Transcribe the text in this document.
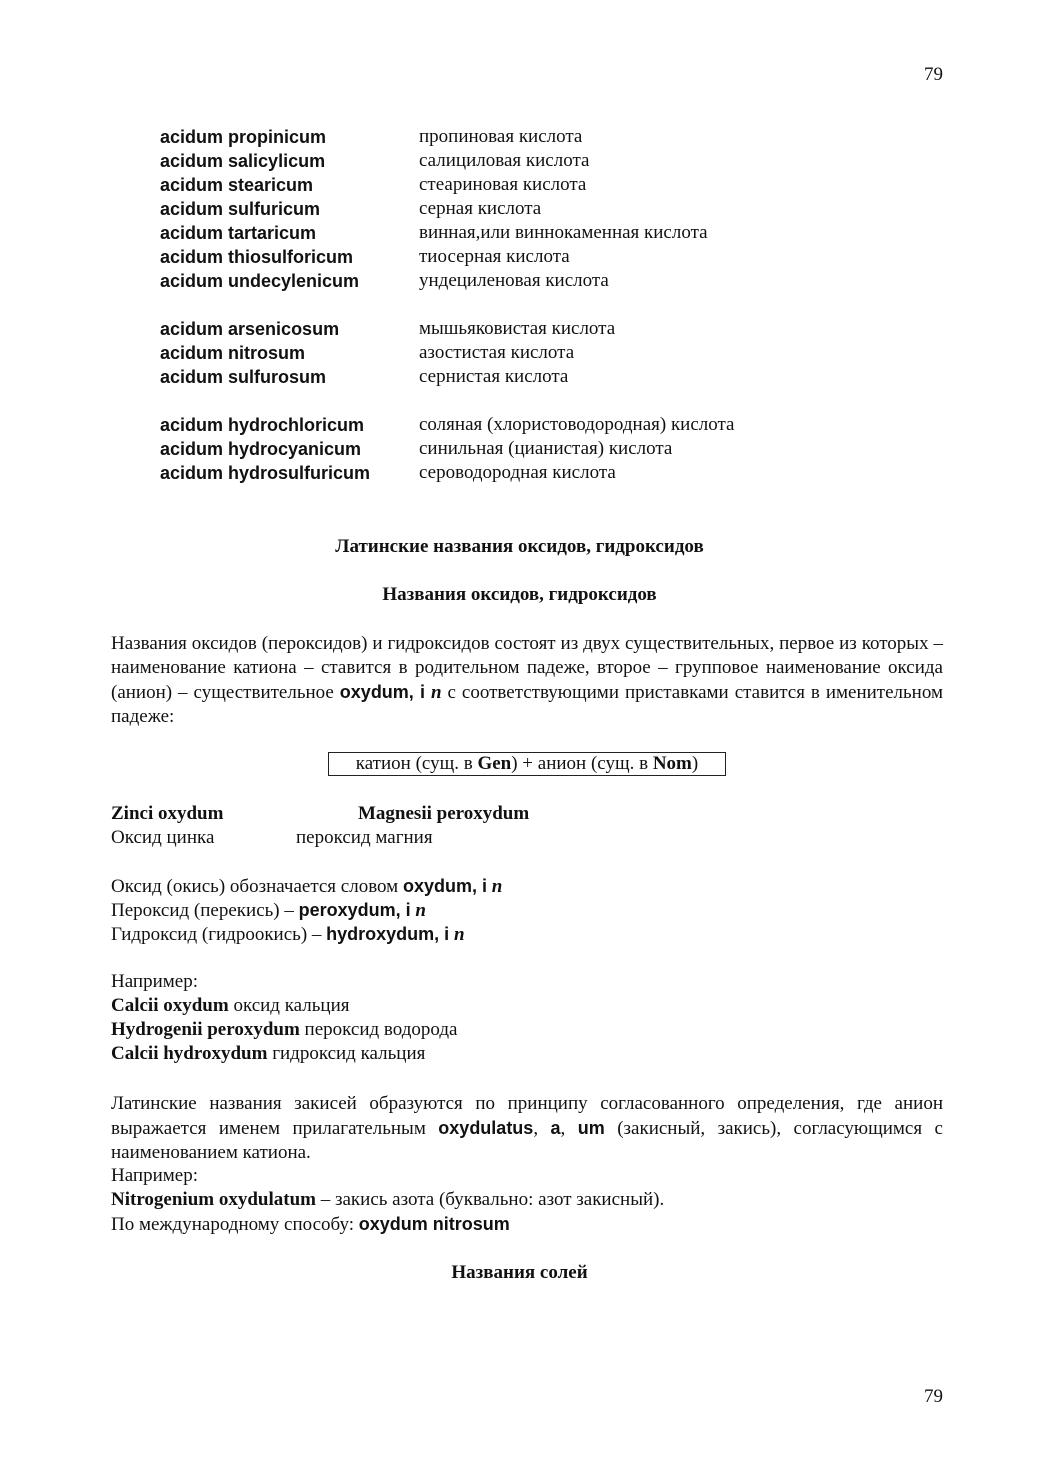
79
acidum propinicum	пропиновая кислота
acidum salicylicum	салициловая кислота
acidum stearicum	стеариновая кислота
acidum sulfuricum	серная кислота
acidum tartaricum	винная,или виннокаменная кислота
acidum thiosulforicum	тиосерная кислота
acidum undecylenicum	ундециленовая кислота
acidum arsenicosum	мышьяковистая кислота
acidum nitrosum	азостистая кислота
acidum sulfurosum	сернистая кислота
acidum hydrochloricum	соляная (хлористоводородная) кислота
acidum hydrocyanicum	синильная (цианистая) кислота
acidum hydrosulfuricum	сероводородная кислота
Латинские названия оксидов, гидроксидов
Названия оксидов, гидроксидов
Названия оксидов (пероксидов) и гидроксидов состоят из двух существительных, первое из которых – наименование катиона – ставится в родительном падеже, второе – групповое наименование оксида (анион) – существительное oxydum, i n с соответствующими приставками ставится в именительном падеже:
катион (сущ. в Gen) + анион (сущ. в Nom)
Zinci oxydum	Magnesii peroxydum
Оксид цинка	пероксид магния
Оксид (окись) обозначается словом oxydum, i n
Пероксид (перекись) – peroxydum, i n
Гидроксид (гидроокись) – hydroxydum, i n
Например:
Calcii oxydum оксид кальция
Hydrogenii peroxydum пероксид водорода
Calcii hydroxydum гидроксид кальция
Латинские названия закисей образуются по принципу согласованного определения, где анион выражается именем прилагательным oxydulatus, a, um (закисный, закись), согласующимся с наименованием катиона.
Например:
Nitrogenium oxydulatum – закись азота (буквально: азот закисный).
По международному способу: oxydum nitrosum
Названия солей
79
